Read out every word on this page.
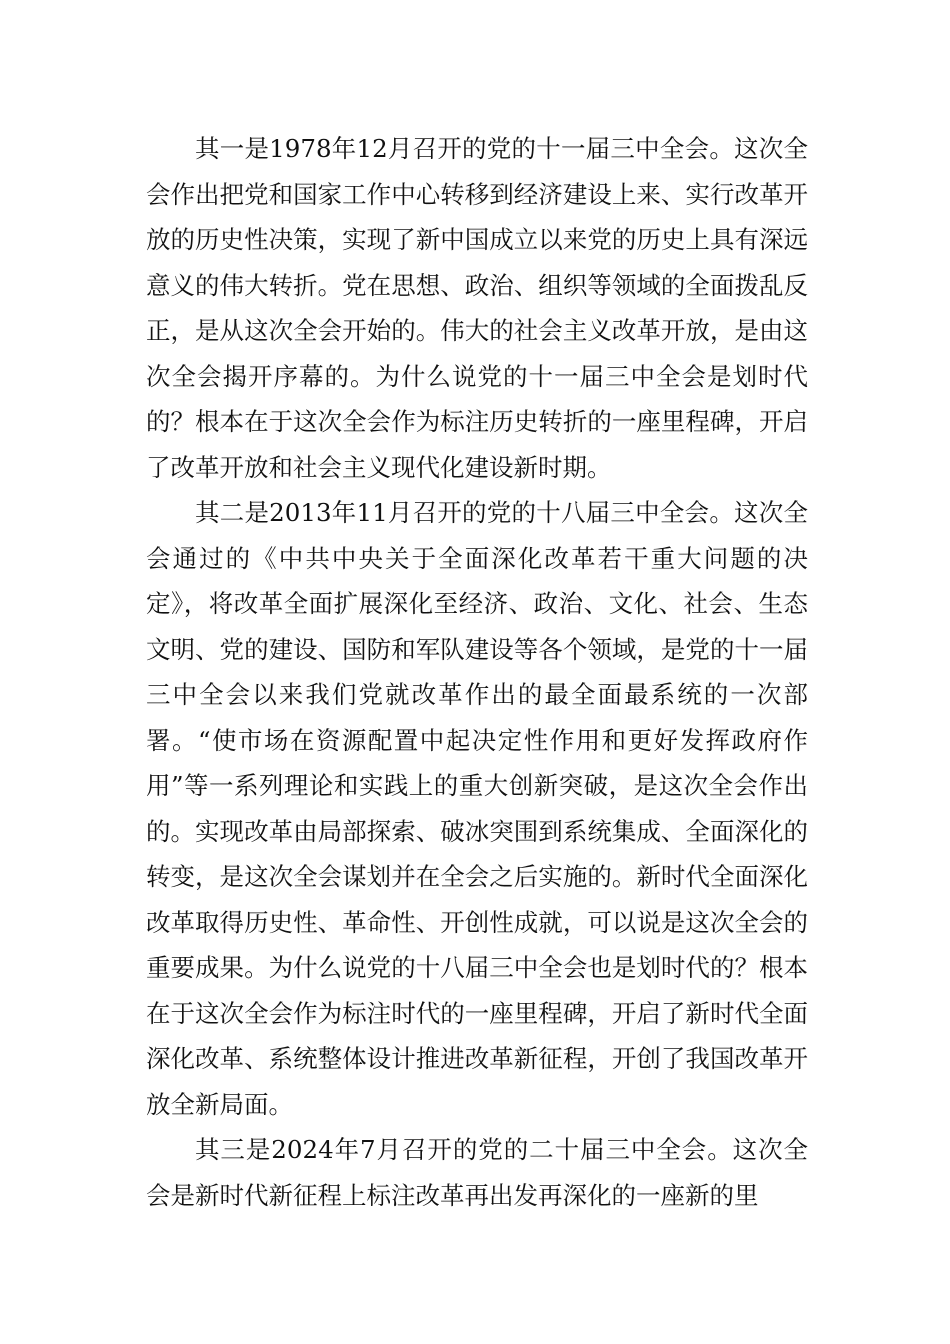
其一是1978年12月召开的党的十一届三中全会。这次全会作出把党和国家工作中心转移到经济建设上来、实行改革开放的历史性决策，实现了新中国成立以来党的历史上具有深远意义的伟大转折。党在思想、政治、组织等领域的全面拨乱反正，是从这次全会开始的。伟大的社会主义改革开放，是由这次全会揭开序幕的。为什么说党的十一届三中全会是划时代的？根本在于这次全会作为标注历史转折的一座里程碑，开启了改革开放和社会主义现代化建设新时期。

其二是2013年11月召开的党的十八届三中全会。这次全会通过的《中共中央关于全面深化改革若干重大问题的决定》，将改革全面扩展深化至经济、政治、文化、社会、生态文明、党的建设、国防和军队建设等各个领域，是党的十一届三中全会以来我们党就改革作出的最全面最系统的一次部署。“使市场在资源配置中起决定性作用和更好发挥政府作用”等一系列理论和实践上的重大创新突破，是这次全会作出的。实现改革由局部探索、破冰突围到系统集成、全面深化的转变，是这次全会谋划并在全会之后实施的。新时代全面深化改革取得历史性、革命性、开创性成就，可以说是这次全会的重要成果。为什么说党的十八届三中全会也是划时代的？根本在于这次全会作为标注时代的一座里程碑，开启了新时代全面深化改革、系统整体设计推进改革新征程，开创了我国改革开放全新局面。

其三是2024年7月召开的党的二十届三中全会。这次全会是新时代新征程上标注改革再出发再深化的一座新的里
